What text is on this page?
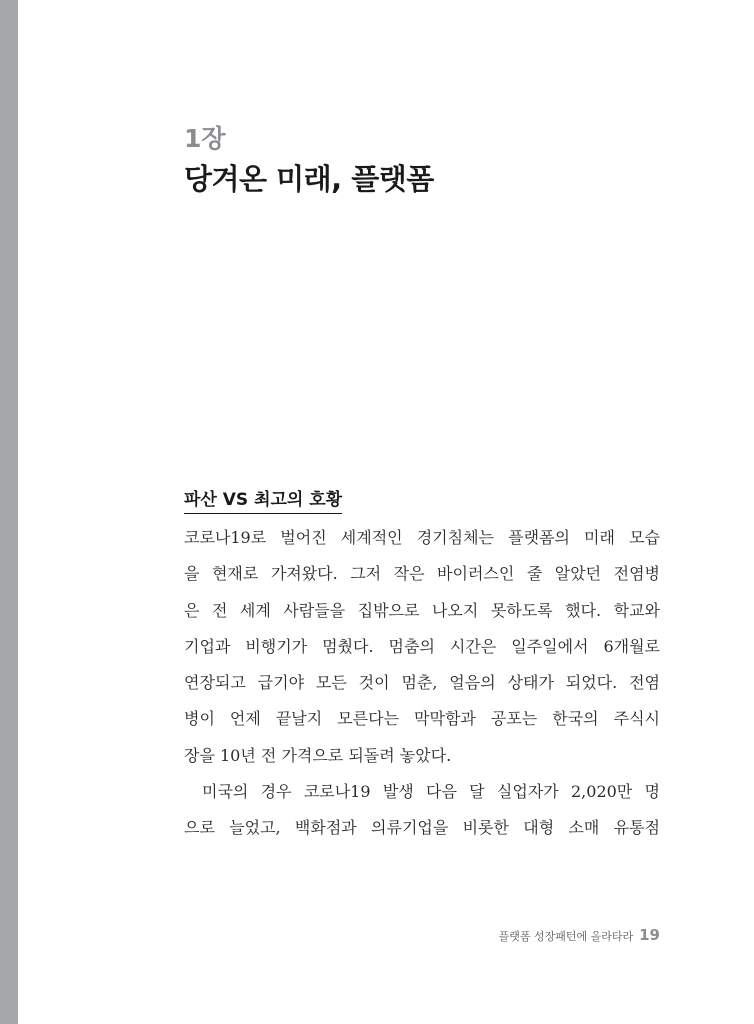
1장
당겨온 미래, 플랫폼
파산 VS 최고의 호황
코로나19로 벌어진 세계적인 경기침체는 플랫폼의 미래 모습
을 현재로 가져왔다. 그저 작은 바이러스인 줄 알았던 전염병
은 전 세계 사람들을 집밖으로 나오지 못하도록 했다. 학교와
기업과 비행기가 멈췄다. 멈춤의 시간은 일주일에서 6개월로
연장되고 급기야 모든 것이 멈춘, 얼음의 상태가 되었다. 전염
병이 언제 끝날지 모른다는 막막함과 공포는 한국의 주식시
장을 10년 전 가격으로 되돌려 놓았다.
미국의 경우 코로나19 발생 다음 달 실업자가 2,020만 명
으로 늘었고, 백화점과 의류기업을 비롯한 대형 소매 유통점
플랫폼 성장패턴에 올라타라 19
